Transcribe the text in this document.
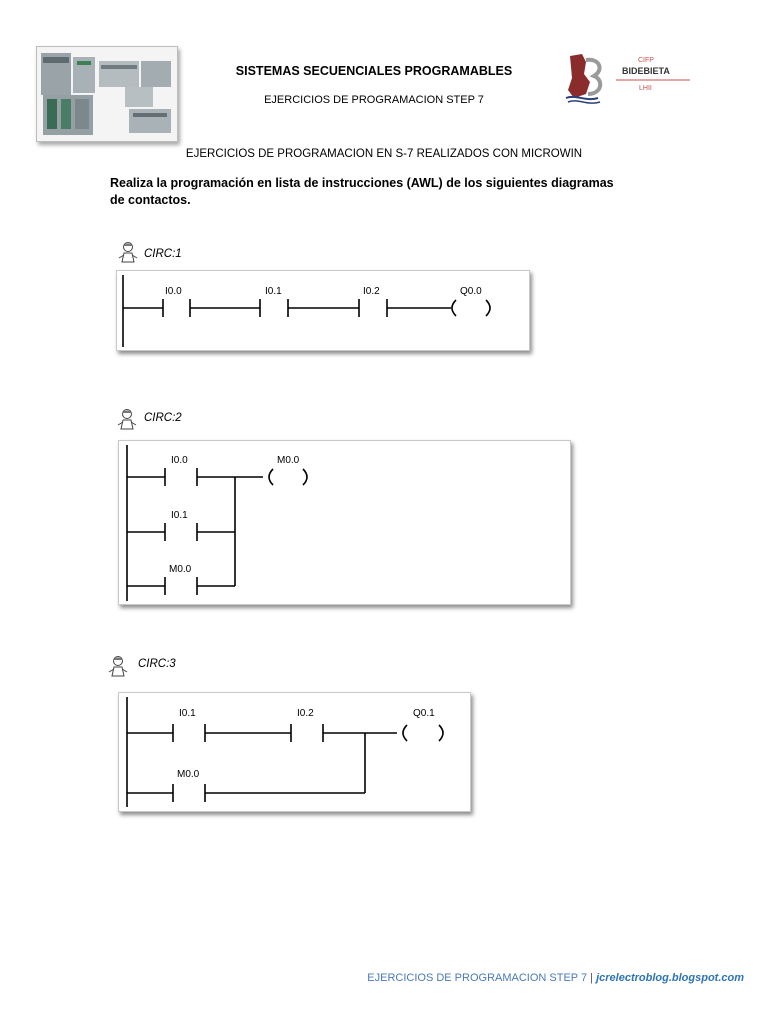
SISTEMAS SECUENCIALES PROGRAMABLES
EJERCICIOS DE PROGRAMACION STEP 7
CIFP
BIDEBIETA
LHII
EJERCICIOS DE PROGRAMACION EN S-7 REALIZADOS CON MICROWIN
Realiza la programación en lista de instrucciones (AWL) de los siguientes diagramas de contactos.
CIRC:1
I0.0	I0.1	I0.2	Q0.0
CIRC:2
I0.0
I0.1
M0.0
M0.0
CIRC:3
I0.1	I0.2
M0.0
Q0.1
EJERCICIOS DE PROGRAMACION STEP 7 | jcrelectroblog.blogspot.com
